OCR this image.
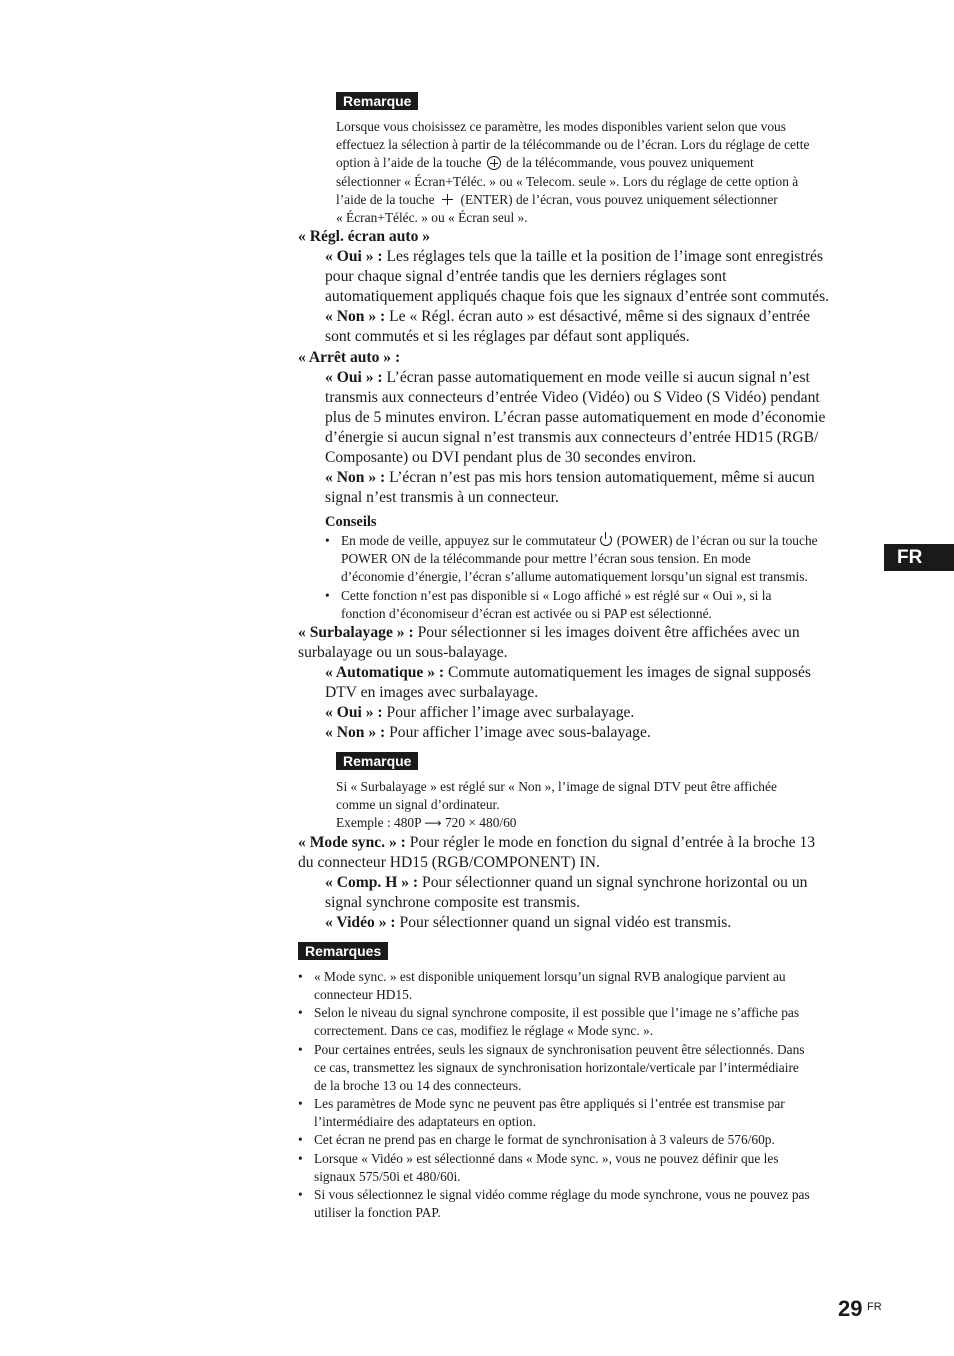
Remarque
Lorsque vous choisissez ce paramètre, les modes disponibles varient selon que vous
effectuez la sélection à partir de la télécommande ou de l’écran. Lors du réglage de cette
option à l’aide de la touche de la télécommande, vous pouvez uniquement
sélectionner « Écran+Téléc. » ou « Telecom. seule ». Lors du réglage de cette option à
l’aide de la touche (ENTER) de l’écran, vous pouvez uniquement sélectionner
« Écran+Téléc. » ou « Écran seul ».
« Régl. écran auto »
« Oui » : Les réglages tels que la taille et la position de l’image sont enregistrés
pour chaque signal d’entrée tandis que les derniers réglages sont
automatiquement appliqués chaque fois que les signaux d’entrée sont commutés.
« Non » : Le « Régl. écran auto » est désactivé, même si des signaux d’entrée
sont commutés et si les réglages par défaut sont appliqués.
« Arrêt auto » :
« Oui » : L’écran passe automatiquement en mode veille si aucun signal n’est
transmis aux connecteurs d’entrée Video (Vidéo) ou S Video (S Vidéo) pendant
plus de 5 minutes environ. L’écran passe automatiquement en mode d’économie
d’énergie si aucun signal n’est transmis aux connecteurs d’entrée HD15 (RGB/
Composante) ou DVI pendant plus de 30 secondes environ.
« Non » : L’écran n’est pas mis hors tension automatiquement, même si aucun
signal n’est transmis à un connecteur.
Conseils
• En mode de veille, appuyez sur le commutateur (POWER) de l’écran ou sur la touche
POWER ON de la télécommande pour mettre l’écran sous tension. En mode
d’économie d’énergie, l’écran s’allume automatiquement lorsqu’un signal est transmis.
• Cette fonction n’est pas disponible si « Logo affiché » est réglé sur « Oui », si la
fonction d’économiseur d’écran est activée ou si PAP est sélectionné.
« Surbalayage » : Pour sélectionner si les images doivent être affichées avec un
surbalayage ou un sous-balayage.
« Automatique » : Commute automatiquement les images de signal supposés
DTV en images avec surbalayage.
« Oui » : Pour afficher l’image avec surbalayage.
« Non » : Pour afficher l’image avec sous-balayage.
Remarque
Si « Surbalayage » est réglé sur « Non », l’image de signal DTV peut être affichée
comme un signal d’ordinateur.
Exemple : 480P ⟶ 720 × 480/60
« Mode sync. » : Pour régler le mode en fonction du signal d’entrée à la broche 13
du connecteur HD15 (RGB/COMPONENT) IN.
« Comp. H » : Pour sélectionner quand un signal synchrone horizontal ou un
signal synchrone composite est transmis.
« Vidéo » : Pour sélectionner quand un signal vidéo est transmis.
Remarques
• « Mode sync. » est disponible uniquement lorsqu’un signal RVB analogique parvient au
connecteur HD15.
• Selon le niveau du signal synchrone composite, il est possible que l’image ne s’affiche pas
correctement. Dans ce cas, modifiez le réglage « Mode sync. ».
• Pour certaines entrées, seuls les signaux de synchronisation peuvent être sélectionnés. Dans
ce cas, transmettez les signaux de synchronisation horizontale/verticale par l’intermédiaire
de la broche 13 ou 14 des connecteurs.
• Les paramètres de Mode sync ne peuvent pas être appliqués si l’entrée est transmise par
l’intermédiaire des adaptateurs en option.
• Cet écran ne prend pas en charge le format de synchronisation à 3 valeurs de 576/60p.
• Lorsque « Vidéo » est sélectionné dans « Mode sync. », vous ne pouvez définir que les
signaux 575/50i et 480/60i.
• Si vous sélectionnez le signal vidéo comme réglage du mode synchrone, vous ne pouvez pas
utiliser la fonction PAP.
FR
29 FR
